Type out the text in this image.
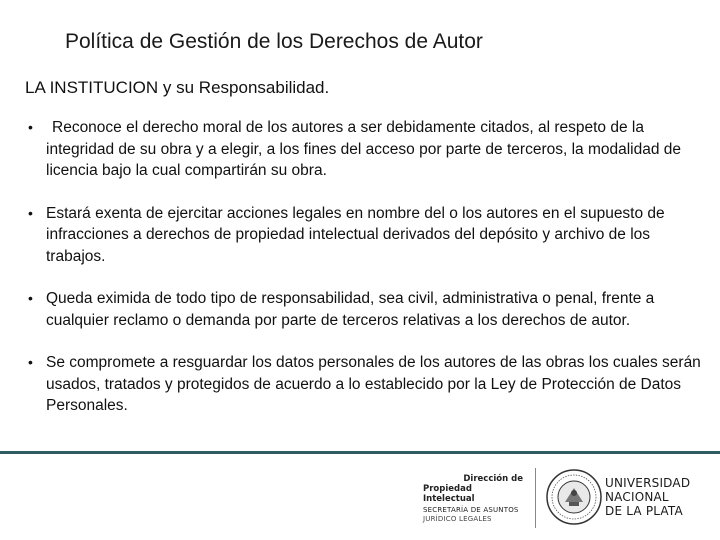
Política de Gestión de los Derechos de Autor
LA INSTITUCION y su Responsabilidad.
•	Reconoce el derecho moral de los autores a ser debidamente citados, al respeto de la integridad de su obra y a elegir, a los fines del acceso por parte de terceros, la modalidad de licencia bajo la cual compartirán su obra.
• Estará exenta de ejercitar acciones legales en nombre del o los autores en el supuesto de infracciones a derechos de propiedad intelectual derivados del depósito y archivo de los trabajos.
• Queda eximida de todo tipo de responsabilidad, sea civil, administrativa o penal, frente a cualquier reclamo o demanda por parte de terceros relativas a los derechos de autor.
• Se compromete a resguardar los datos personales de los autores de las obras los cuales serán usados, tratados y protegidos de acuerdo a lo establecido por la Ley de Protección de Datos Personales.
Dirección de
Propiedad Intelectual
SECRETARÍA DE ASUNTOS
JURÍDICO LEGALES
UNIVERSIDAD
NACIONAL
DE LA PLATA
